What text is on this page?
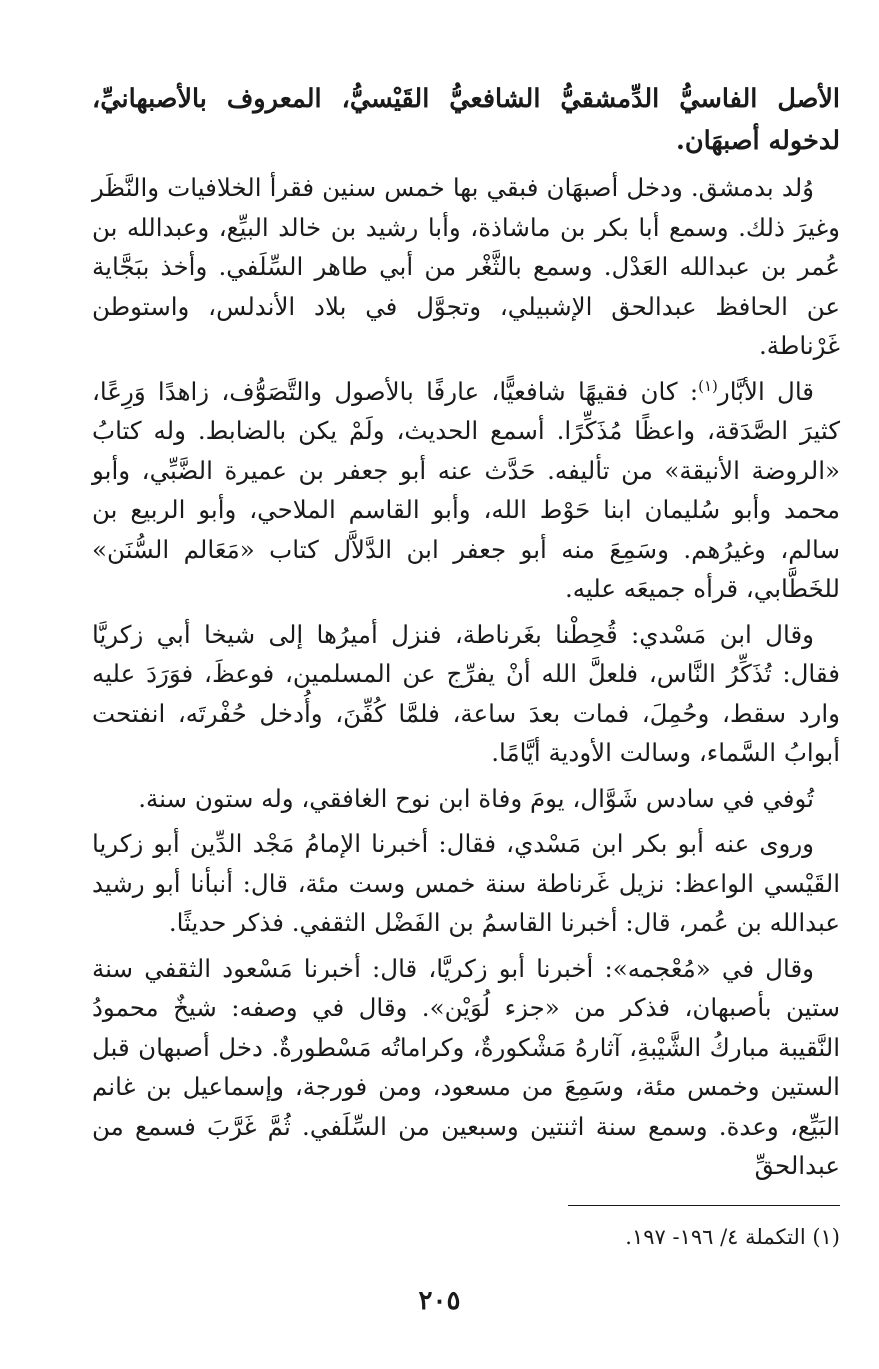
الأصل الفاسيُّ الدِّمشقيُّ الشافعيُّ القَيْسيُّ، المعروف بالأصبهانيِّ، لدخوله أصبهَان.

وُلد بدمشق. ودخل أصبهَان فبقي بها خمس سنين فقرأ الخلافيات والنَّظَر وغيرَ ذلك. وسمع أبا بكر بن ماشاذة، وأبا رشيد بن خالد البيِّع، وعبدالله بن عُمر بن عبدالله العَدْل. وسمع بالثَّغْر من أبي طاهر السِّلَفي. وأخذ ببَجَّاية عن الحافظ عبدالحق الإشبيلي، وتجوَّل في بلاد الأندلس، واستوطن غَرْناطة.

قال الأبَّار$^{(١)}$: كان فقيهًا شافعيًّا، عارفًا بالأصول والتَّصَوُّف، زاهدًا وَرِعًا، كثيرَ الصَّدَقة، واعظًا مُذَكِّرًا. أسمع الحديث، ولَمْ يكن بالضابط. وله كتابُ «الروضة الأنيقة» من تأليفه. حَدَّث عنه أبو جعفر بن عميرة الضَّبِّي، وأبو محمد وأبو سُليمان ابنا حَوْط الله، وأبو القاسم الملاحي، وأبو الربيع بن سالم، وغيرُهم. وسَمِعَ منه أبو جعفر ابن الدَّلاَّل كتاب «مَعَالم السُّنَن» للخَطَّابي، قرأه جميعَه عليه.

وقال ابن مَسْدي: قُحِطْنا بغَرناطة، فنزل أميرُها إلى شيخا أبي زكريَّا فقال: تُذَكِّرُ النَّاس، فلعلَّ الله أنْ يفرِّج عن المسلمين، فوعظَ، فوَرَدَ عليه وارد سقط، وحُمِلَ، فمات بعدَ ساعة، فلمَّا كُفِّنَ، وأُدخل حُفْرتَه، انفتحت أبوابُ السَّماء، وسالت الأودية أيَّامًا.

تُوفي في سادس شَوَّال، يومَ وفاة ابن نوح الغافقي، وله ستون سنة.

وروى عنه أبو بكر ابن مَسْدي، فقال: أخبرنا الإمامُ مَجْد الدِّين أبو زكريا القَيْسي الواعظ: نزيل غَرناطة سنة خمس وست مئة، قال: أنبأنا أبو رشيد عبدالله بن عُمر، قال: أخبرنا القاسمُ بن الفَضْل الثقفي. فذكر حديثًا.

وقال في «مُعْجمه»: أخبرنا أبو زكريَّا، قال: أخبرنا مَسْعود الثقفي سنة ستين بأصبهان، فذكر من «جزء لُوَيْن». وقال في وصفه: شيخٌ محمودُ النَّقيبة مباركُ الشَّيْبةِ، آثارهُ مَشْكورةٌ، وكراماتُه مَسْطورةٌ. دخل أصبهان قبل الستين وخمس مئة، وسَمِعَ من مسعود، ومن فورجة، وإسماعيل بن غانم البَيِّع، وعدة. وسمع سنة اثنتين وسبعين من السِّلَفي. ثُمَّ غَرَّبَ فسمع من عبدالحقِّ

(١) التكملة ٤/ ١٩٦- ١٩٧.
٢٠٥
